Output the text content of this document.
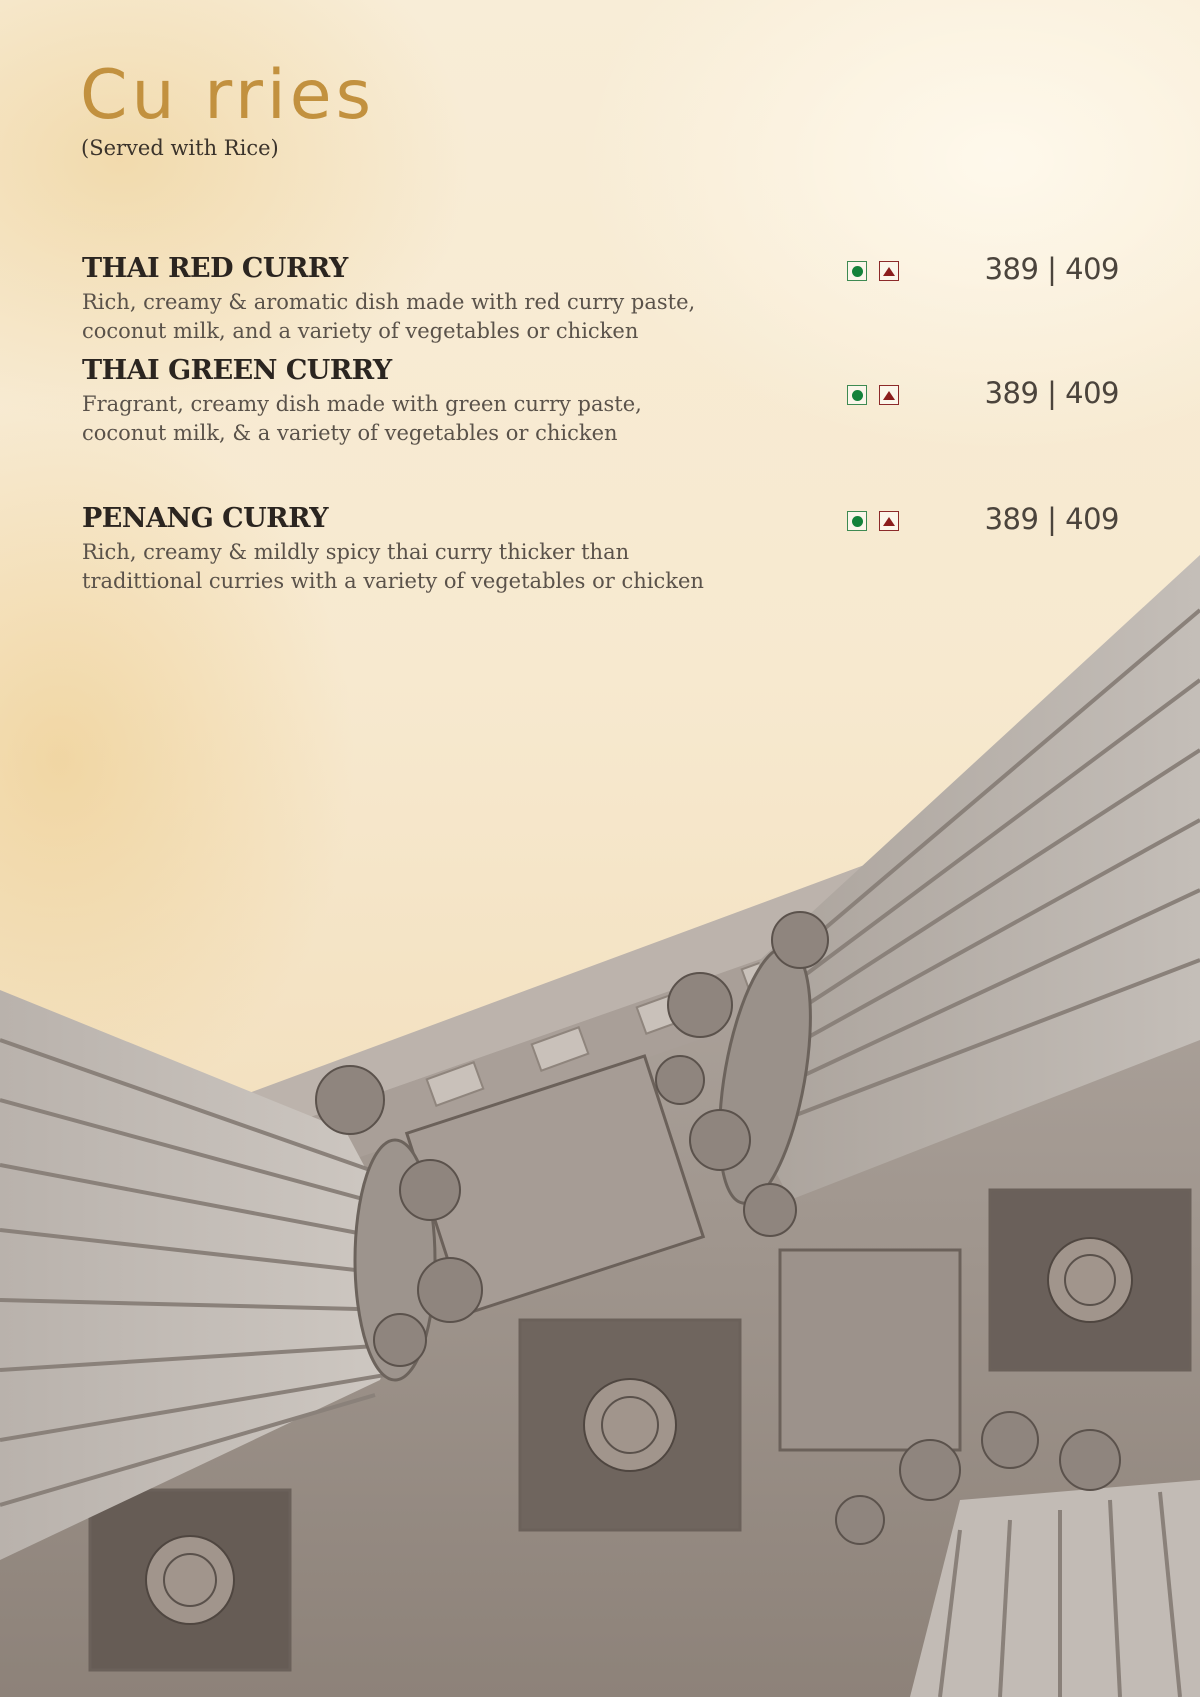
Cu rries
(Served with Rice)
THAI RED CURRY
Rich, creamy & aromatic dish made with red curry paste,
coconut milk, and a variety of vegetables or chicken
389 | 409
THAI GREEN CURRY
Fragrant, creamy dish made with green curry paste,
coconut milk, & a variety of vegetables or chicken
389 | 409
PENANG CURRY
Rich, creamy & mildly spicy thai curry thicker than
tradittional curries with a variety of vegetables or chicken
389 | 409
